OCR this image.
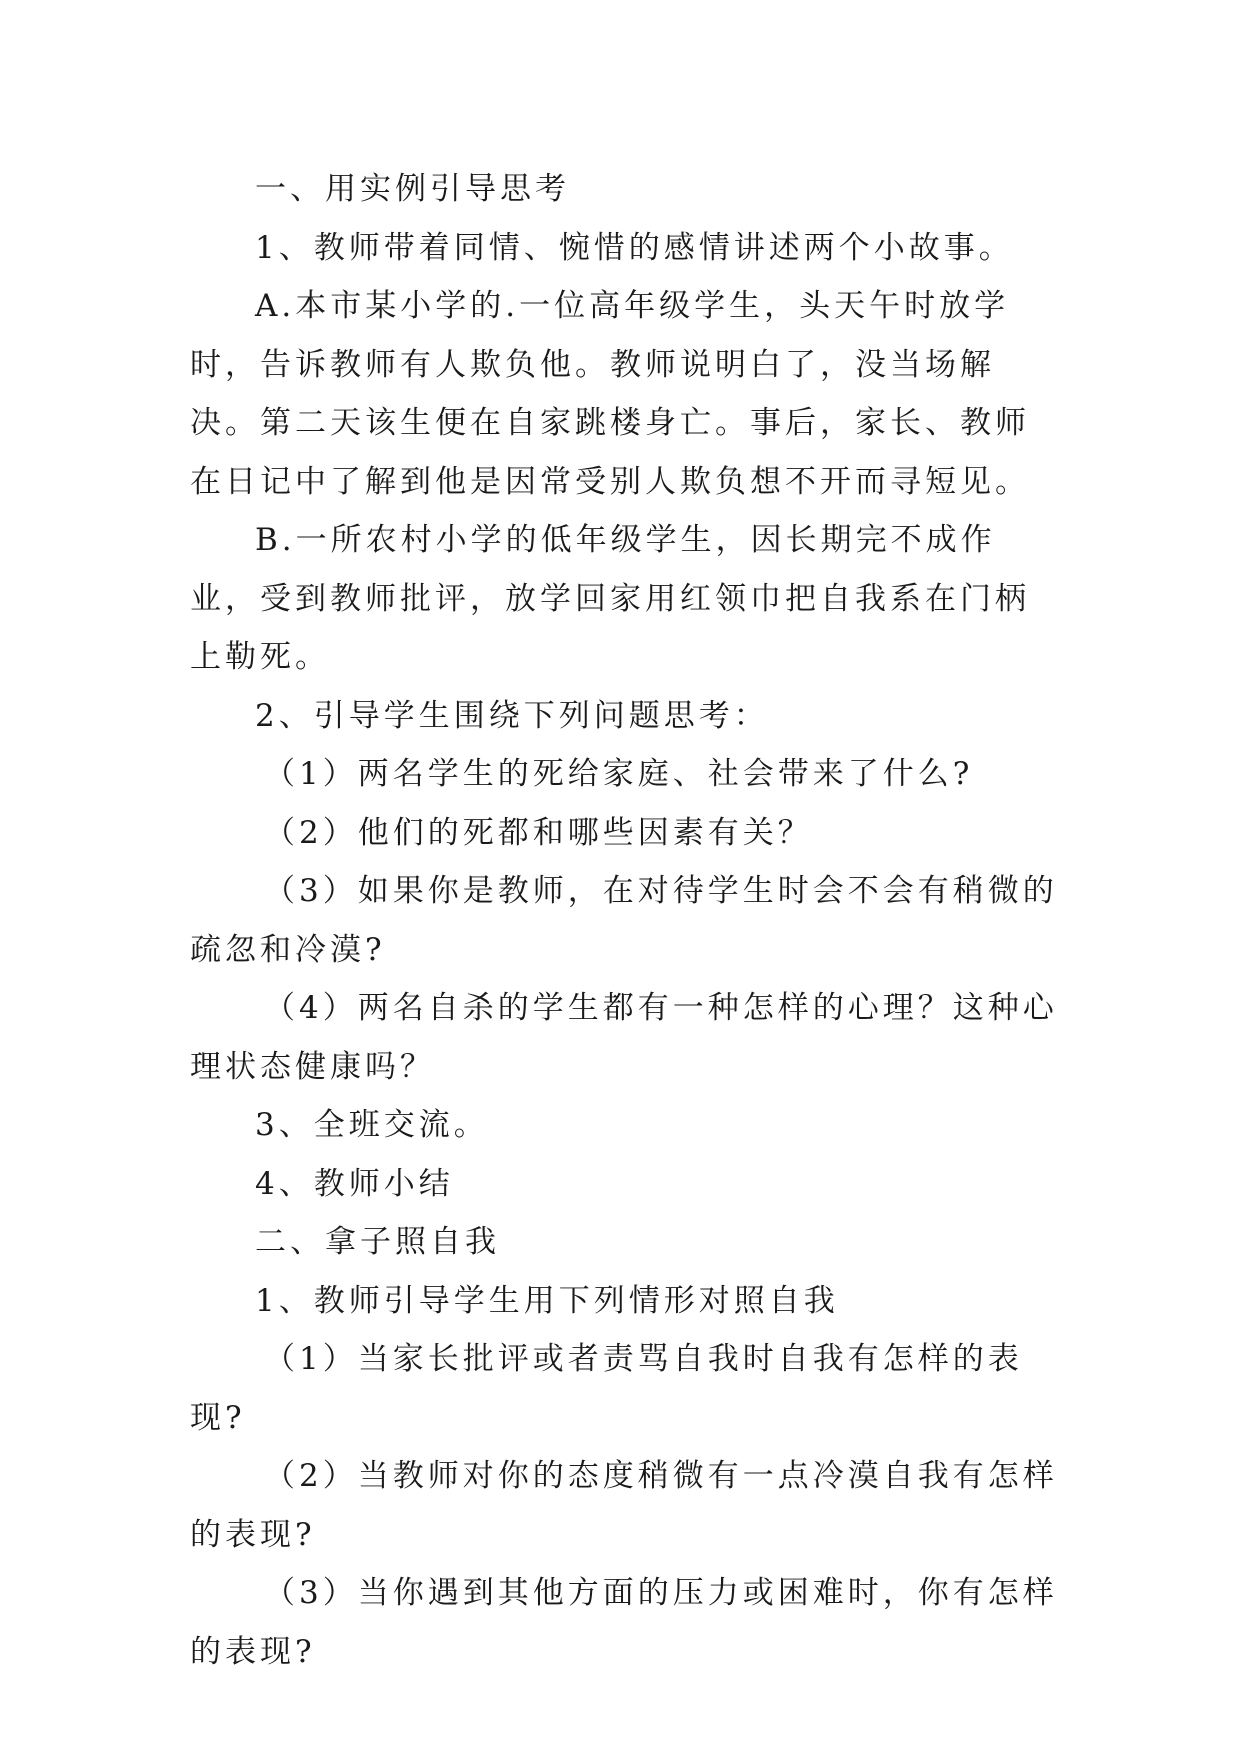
一、用实例引导思考

1、教师带着同情、惋惜的感情讲述两个小故事。

A.本市某小学的.一位高年级学生，头天午时放学时，告诉教师有人欺负他。教师说明白了，没当场解决。第二天该生便在自家跳楼身亡。事后，家长、教师在日记中了解到他是因常受别人欺负想不开而寻短见。

B.一所农村小学的低年级学生，因长期完不成作业，受到教师批评，放学回家用红领巾把自我系在门柄上勒死。

2、引导学生围绕下列问题思考：

（1）两名学生的死给家庭、社会带来了什么?

（2）他们的死都和哪些因素有关？

（3）如果你是教师，在对待学生时会不会有稍微的疏忽和冷漠?

（4）两名自杀的学生都有一种怎样的心理？这种心理状态健康吗？

3、全班交流。

4、教师小结

二、拿子照自我

1、教师引导学生用下列情形对照自我

（1）当家长批评或者责骂自我时自我有怎样的表现?

（2）当教师对你的态度稍微有一点冷漠自我有怎样的表现?

（3）当你遇到其他方面的压力或困难时，你有怎样的表现?
